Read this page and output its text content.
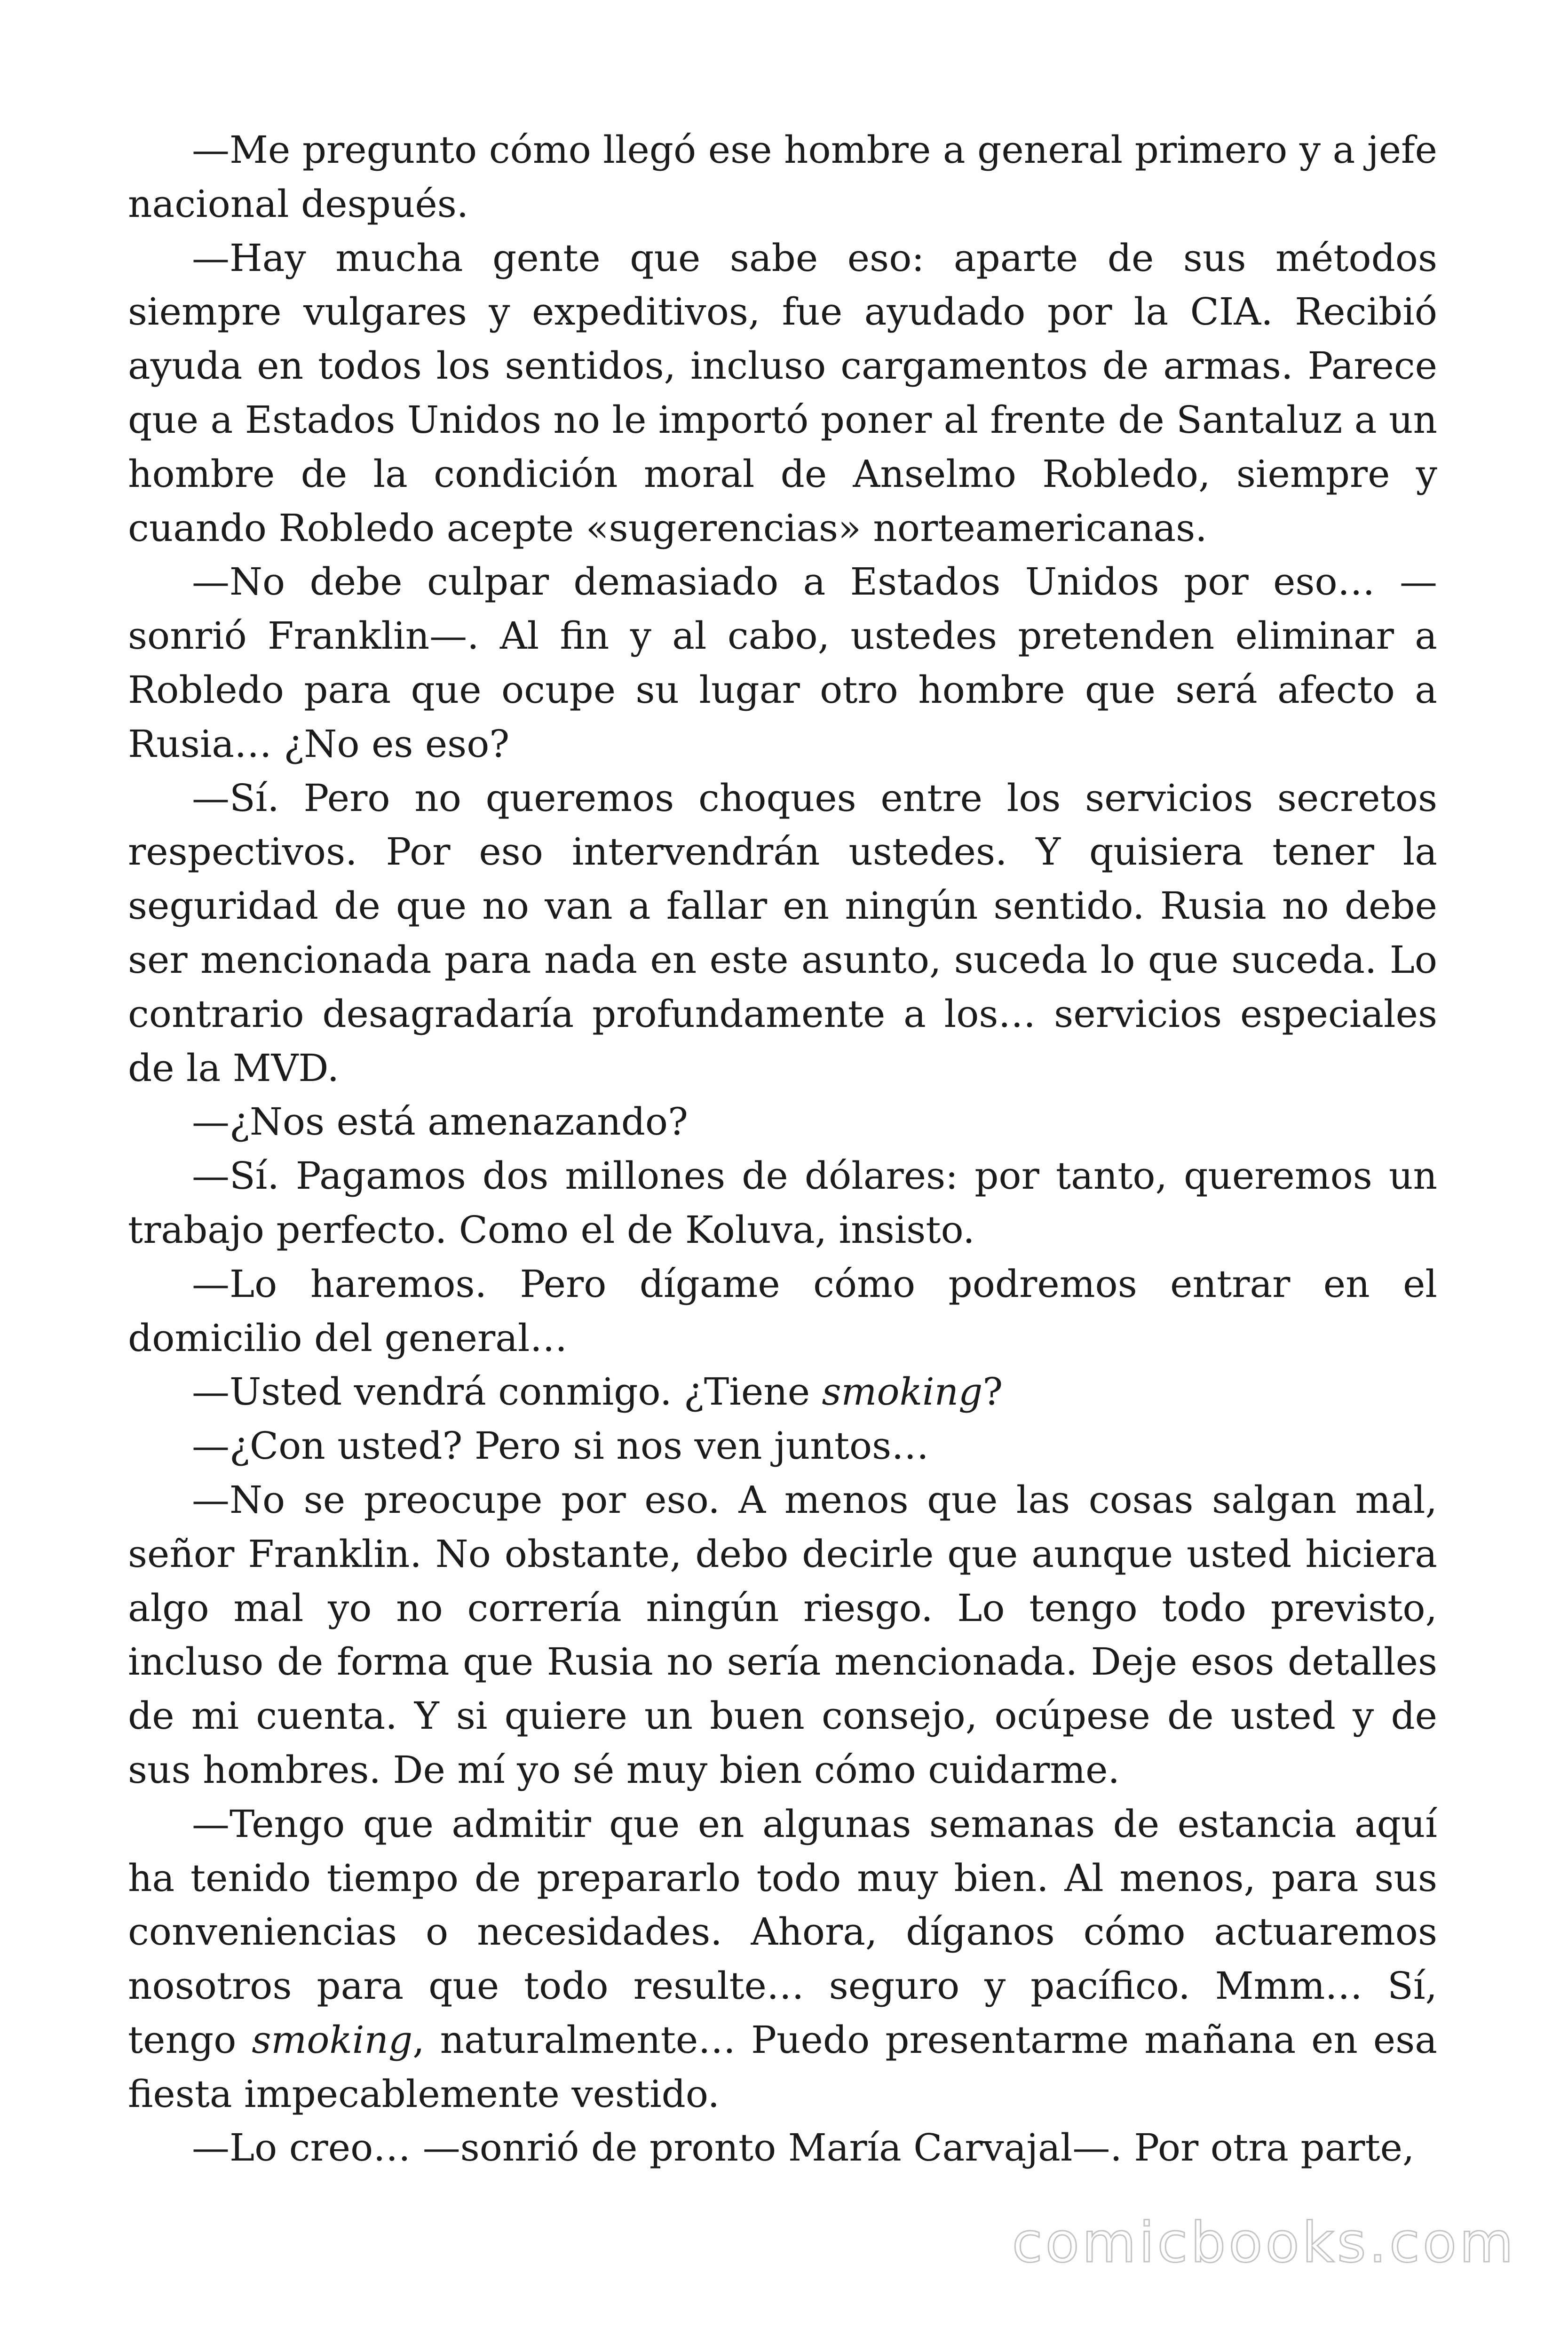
—Me pregunto cómo llegó ese hombre a general primero y a jefe nacional después.

—Hay mucha gente que sabe eso: aparte de sus métodos siempre vulgares y expeditivos, fue ayudado por la CIA. Recibió ayuda en todos los sentidos, incluso cargamentos de armas. Parece que a Estados Unidos no le importó poner al frente de Santaluz a un hombre de la condición moral de Anselmo Robledo, siempre y cuando Robledo acepte «sugerencias» norteamericanas.

—No debe culpar demasiado a Estados Unidos por eso… —sonrió Franklin—. Al fin y al cabo, ustedes pretenden eliminar a Robledo para que ocupe su lugar otro hombre que será afecto a Rusia… ¿No es eso?

—Sí. Pero no queremos choques entre los servicios secretos respectivos. Por eso intervendrán ustedes. Y quisiera tener la seguridad de que no van a fallar en ningún sentido. Rusia no debe ser mencionada para nada en este asunto, suceda lo que suceda. Lo contrario desagradaría profundamente a los… servicios especiales de la MVD.

—¿Nos está amenazando?

—Sí. Pagamos dos millones de dólares: por tanto, queremos un trabajo perfecto. Como el de Koluva, insisto.

—Lo haremos. Pero dígame cómo podremos entrar en el domicilio del general…

—Usted vendrá conmigo. ¿Tiene smoking?

—¿Con usted? Pero si nos ven juntos…

—No se preocupe por eso. A menos que las cosas salgan mal, señor Franklin. No obstante, debo decirle que aunque usted hiciera algo mal yo no correría ningún riesgo. Lo tengo todo previsto, incluso de forma que Rusia no sería mencionada. Deje esos detalles de mi cuenta. Y si quiere un buen consejo, ocúpese de usted y de sus hombres. De mí yo sé muy bien cómo cuidarme.

—Tengo que admitir que en algunas semanas de estancia aquí ha tenido tiempo de prepararlo todo muy bien. Al menos, para sus conveniencias o necesidades. Ahora, díganos cómo actuaremos nosotros para que todo resulte… seguro y pacífico. Mmm… Sí, tengo smoking, naturalmente… Puedo presentarme mañana en esa fiesta impecablemente vestido.

—Lo creo… —sonrió de pronto María Carvajal—. Por otra parte,

comicbooks.com
